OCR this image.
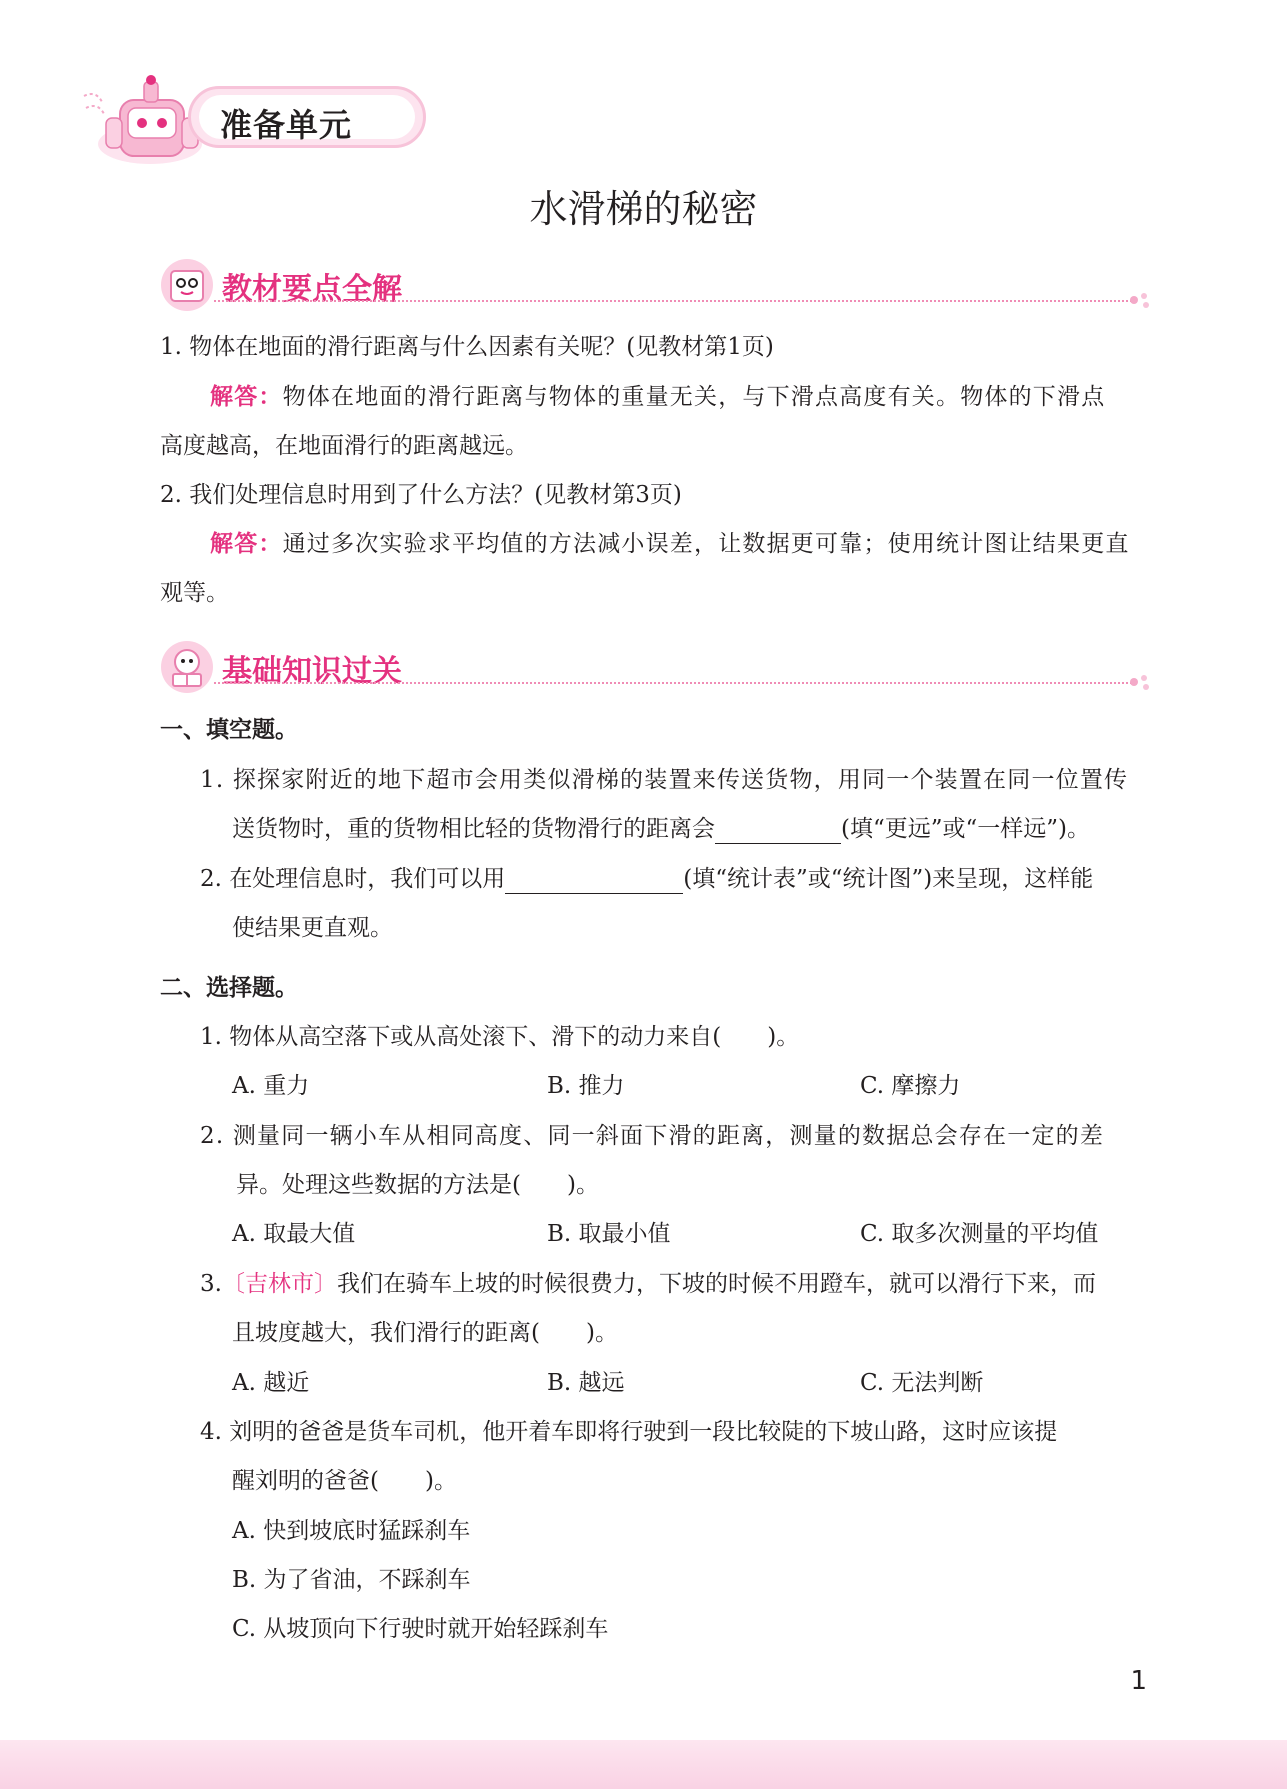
准备单元
水滑梯的秘密
教材要点全解
1. 物体在地面的滑行距离与什么因素有关呢？(见教材第1页)
解答：物体在地面的滑行距离与物体的重量无关，与下滑点高度有关。物体的下滑点
高度越高，在地面滑行的距离越远。
2. 我们处理信息时用到了什么方法？(见教材第3页)
解答：通过多次实验求平均值的方法减小误差，让数据更可靠；使用统计图让结果更直
观等。
基础知识过关
一、填空题。
1. 探探家附近的地下超市会用类似滑梯的装置来传送货物，用同一个装置在同一位置传
送货物时，重的货物相比轻的货物滑行的距离会	(填“更远”或“一样远”)。
2. 在处理信息时，我们可以用	(填“统计表”或“统计图”)来呈现，这样能
使结果更直观。
二、选择题。
1. 物体从高空落下或从高处滚下、滑下的动力来自( )。
A. 重力	B. 推力	C. 摩擦力
2. 测量同一辆小车从相同高度、同一斜面下滑的距离，测量的数据总会存在一定的差
异。处理这些数据的方法是( )。
A. 取最大值	B. 取最小值	C. 取多次测量的平均值
3.〔吉林市〕我们在骑车上坡的时候很费力，下坡的时候不用蹬车，就可以滑行下来，而
且坡度越大，我们滑行的距离( )。
A. 越近	B. 越远	C. 无法判断
4. 刘明的爸爸是货车司机，他开着车即将行驶到一段比较陡的下坡山路，这时应该提
醒刘明的爸爸( )。
A. 快到坡底时猛踩刹车
B. 为了省油，不踩刹车
C. 从坡顶向下行驶时就开始轻踩刹车
1
